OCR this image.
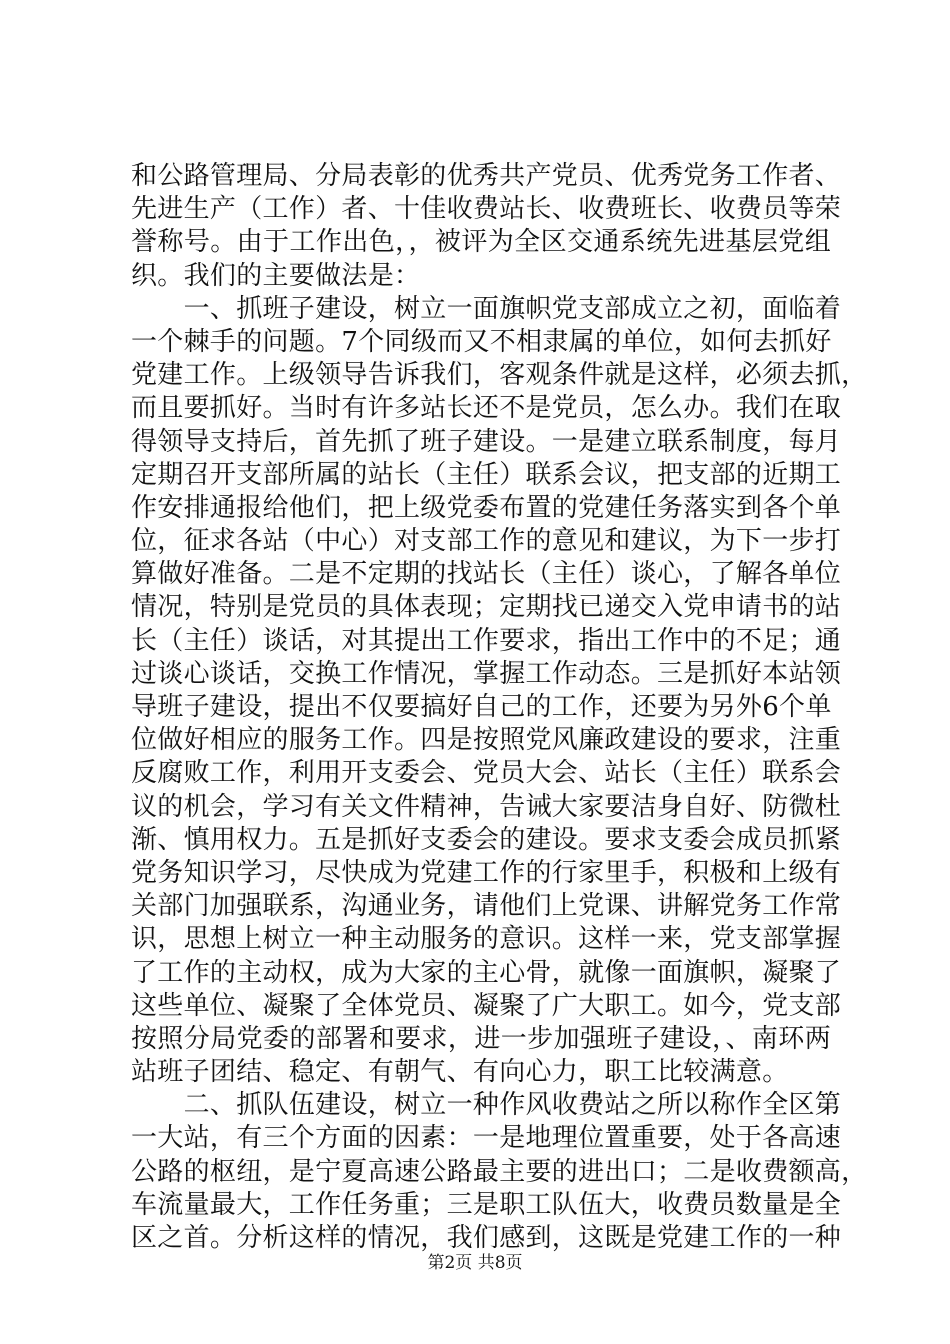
和公路管理局、分局表彰的优秀共产党员、优秀党务工作者、
先进生产（工作）者、十佳收费站长、收费班长、收费员等荣
誉称号。由于工作出色，，被评为全区交通系统先进基层党组
织。我们的主要做法是：
　　一、抓班子建设，树立一面旗帜党支部成立之初，面临着
一个棘手的问题。7个同级而又不相隶属的单位，如何去抓好
党建工作。上级领导告诉我们，客观条件就是这样，必须去抓，
而且要抓好。当时有许多站长还不是党员，怎么办。我们在取
得领导支持后，首先抓了班子建设。一是建立联系制度，每月
定期召开支部所属的站长（主任）联系会议，把支部的近期工
作安排通报给他们，把上级党委布置的党建任务落实到各个单
位，征求各站（中心）对支部工作的意见和建议，为下一步打
算做好准备。二是不定期的找站长（主任）谈心，了解各单位
情况，特别是党员的具体表现；定期找已递交入党申请书的站
长（主任）谈话，对其提出工作要求，指出工作中的不足；通
过谈心谈话，交换工作情况，掌握工作动态。三是抓好本站领
导班子建设，提出不仅要搞好自己的工作，还要为另外6个单
位做好相应的服务工作。四是按照党风廉政建设的要求，注重
反腐败工作，利用开支委会、党员大会、站长（主任）联系会
议的机会，学习有关文件精神，告诫大家要洁身自好、防微杜
渐、慎用权力。五是抓好支委会的建设。要求支委会成员抓紧
党务知识学习，尽快成为党建工作的行家里手，积极和上级有
关部门加强联系，沟通业务，请他们上党课、讲解党务工作常
识，思想上树立一种主动服务的意识。这样一来，党支部掌握
了工作的主动权，成为大家的主心骨，就像一面旗帜，凝聚了
这些单位、凝聚了全体党员、凝聚了广大职工。如今，党支部
按照分局党委的部署和要求，进一步加强班子建设，、南环两
站班子团结、稳定、有朝气、有向心力，职工比较满意。
　　二、抓队伍建设，树立一种作风收费站之所以称作全区第
一大站，有三个方面的因素：一是地理位置重要，处于各高速
公路的枢纽，是宁夏高速公路最主要的进出口；二是收费额高，
车流量最大，工作任务重；三是职工队伍大，收费员数量是全
区之首。分析这样的情况，我们感到，这既是党建工作的一种
第2页 共8页
